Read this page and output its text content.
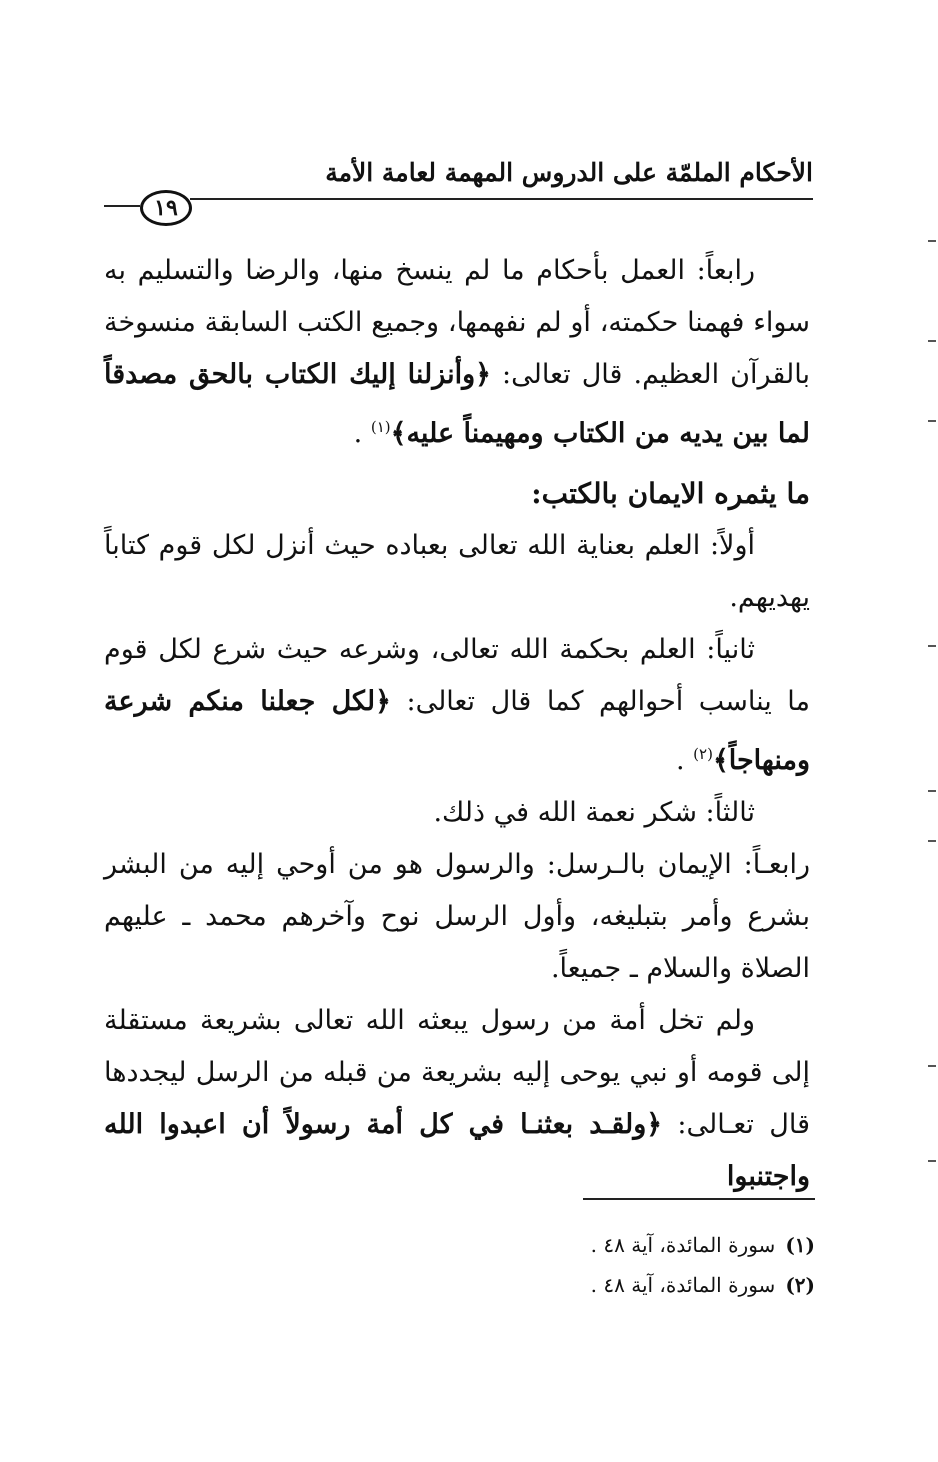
الأحكام الملمّة على الدروس المهمة لعامة الأمة
١٩

رابعاً: العمل بأحكام ما لم ينسخ منها، والرضا والتسليم به سواء فهمنا حكمته، أو لم نفهمها، وجميع الكتب السابقة منسوخة بالقرآن العظيم. قال تعالى: ﴿وأنزلنا إليك الكتاب بالحق مصدقاً لما بين يديه من الكتاب ومهيمناً عليه﴾$^{(١)}$ .

ما يثمره الايمان بالكتب:

أولاً: العلم بعناية الله تعالى بعباده حيث أنزل لكل قوم كتاباً يهديهم.

ثانياً: العلم بحكمة الله تعالى، وشرعه حيث شرع لكل قوم ما يناسب أحوالهم كما قال تعالى: ﴿لكل جعلنا منكم شرعة ومنهاجاً﴾$^{(٢)}$ .

ثالثاً: شكر نعمة الله في ذلك.

رابعـاً: الإيمان بالـرسل: والرسول هو من أوحي إليه من البشر بشرع وأمر بتبليغه، وأول الرسل نوح وآخرهم محمد ـ عليهم الصلاة والسلام ـ جميعاً.

ولم تخل أمة من رسول يبعثه الله تعالى بشريعة مستقلة إلى قومه أو نبي يوحى إليه بشريعة من قبله من الرسل ليجددها قال تعـالى: ﴿ولقـد بعثنـا في كل أمة رسولاً أن اعبدوا الله واجتنبوا

(١)سورة المائدة، آية ٤٨ .

(٢)سورة المائدة، آية ٤٨ .
